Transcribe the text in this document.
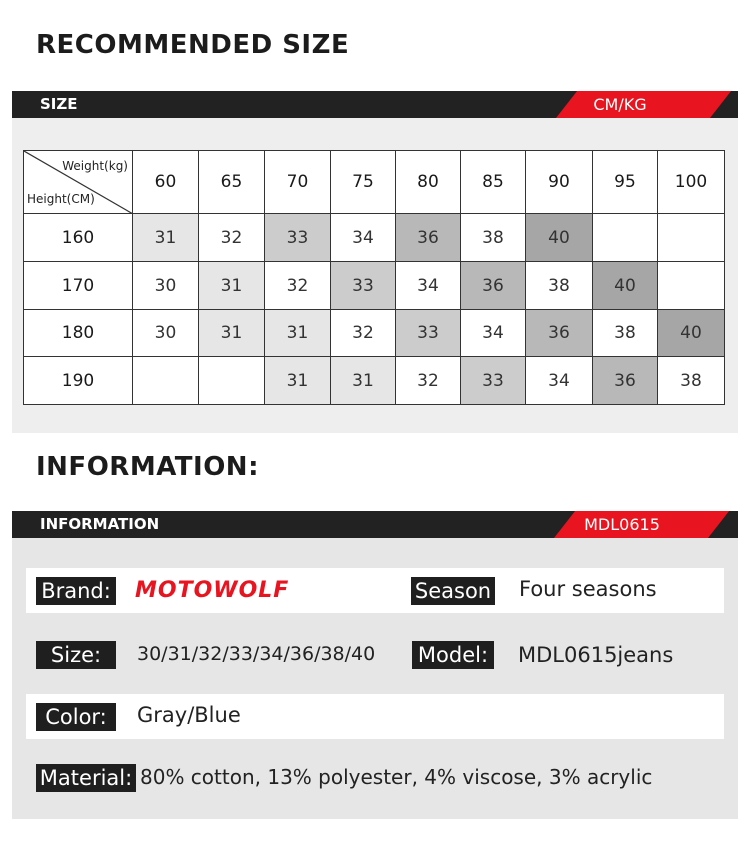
RECOMMENDED SIZE
SIZE	CM/KG
Weight(kg)
Height(CM)	60	65	70	75	80	85	90	95	100
160	31	32	33	34	36	38	40		
170	30	31	32	33	34	36	38	40	
180	30	31	31	32	33	34	36	38	40
190			31	31	32	33	34	36	38
INFORMATION:
INFORMATION	MDL0615
Brand: MOTOWOLF	Season Four seasons
Size:	30/31/32/33/34/36/38/40 Model: MDL0615jeans
Color:	Gray/Blue
Material: 80% cotton, 13% polyester, 4% viscose, 3% acrylic
